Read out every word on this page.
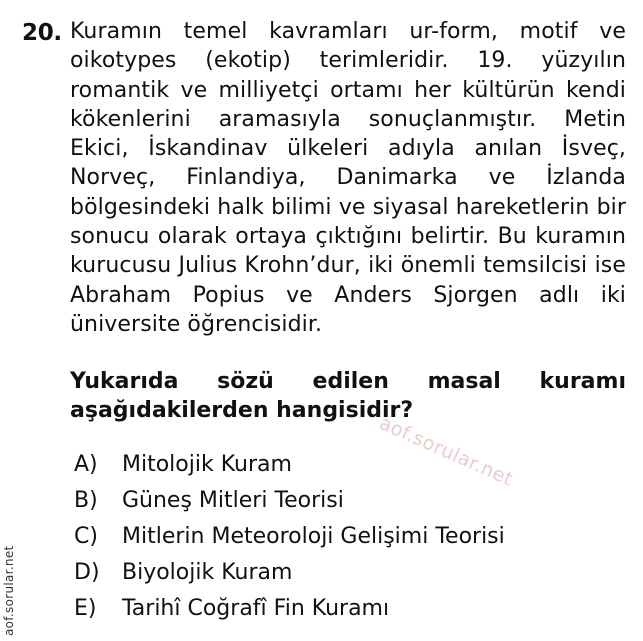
20. Kuramın temel kavramları ur-form, motif ve oikotypes (ekotip) terimleridir. 19. yüzyılın romantik ve milliyetçi ortamı her kültürün kendi kökenlerini aramasıyla sonuçlanmıştır. Metin Ekici, İskandinav ülkeleri adıyla anılan İsveç, Norveç, Finlandiya, Danimarka ve İzlanda bölgesindeki halk bilimi ve siyasal hareketlerin bir sonucu olarak ortaya çıktığını belirtir. Bu kuramın kurucusu Julius Krohn’dur, iki önemli temsilcisi ise Abraham Popius ve Anders Sjorgen adlı iki üniversite öğrencisidir.
Yukarıda sözü edilen masal kuramı aşağıdakilerden hangisidir?
A)	Mitolojik Kuram
B)	Güneş Mitleri Teorisi
C)	Mitlerin Meteoroloji Gelişimi Teorisi
D)	Biyolojik Kuram
E)	Tarihî Coğrafî Fin Kuramı
aof.sorular.net
aof.sorular.net
